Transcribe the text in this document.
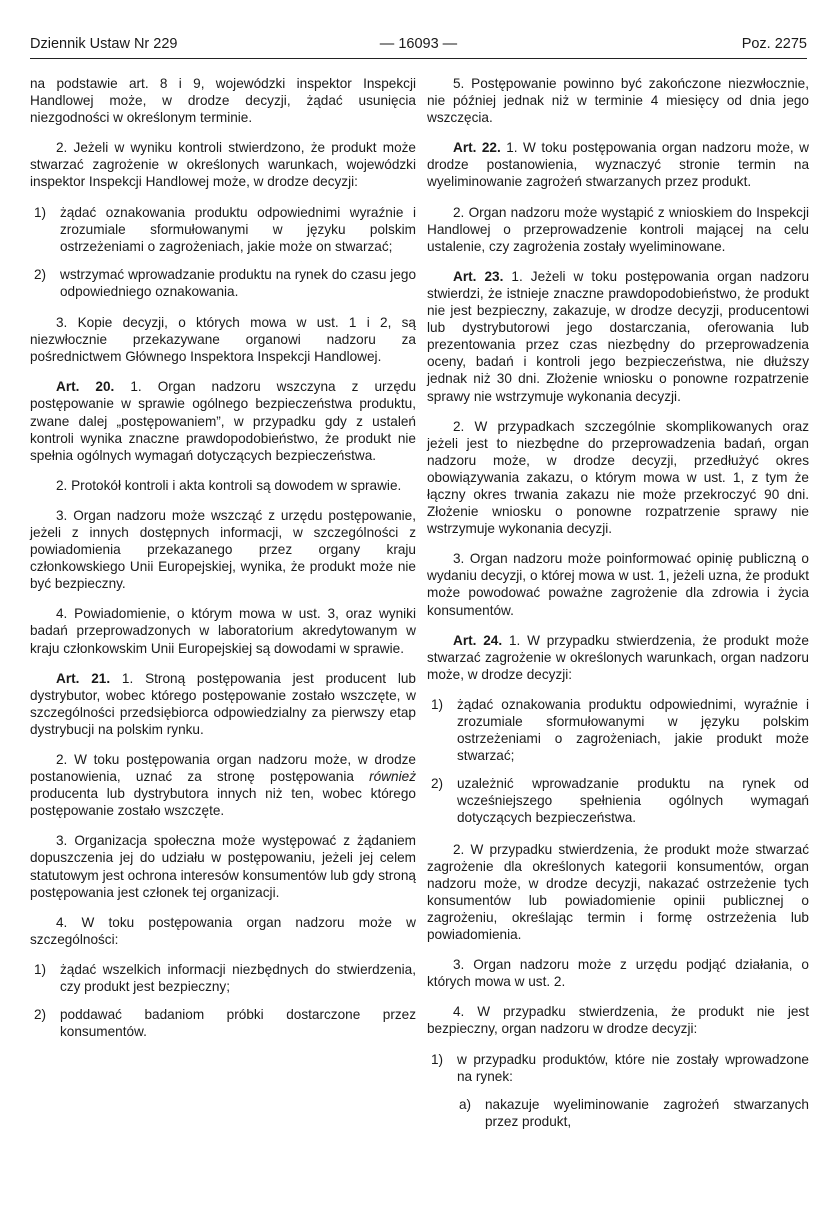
Dziennik Ustaw Nr 229	— 16093 —	Poz. 2275

na podstawie art. 8 i 9, wojewódzki inspektor Inspekcji Handlowej może, w drodze decyzji, żądać usunięcia niezgodności w określonym terminie.

2. Jeżeli w wyniku kontroli stwierdzono, że produkt może stwarzać zagrożenie w określonych warunkach, wojewódzki inspektor Inspekcji Handlowej może, w drodze decyzji:

1) żądać oznakowania produktu odpowiednimi wyraźnie i zrozumiale sformułowanymi w języku polskim ostrzeżeniami o zagrożeniach, jakie może on stwarzać;
2) wstrzymać wprowadzanie produktu na rynek do czasu jego odpowiedniego oznakowania.

3. Kopie decyzji, o których mowa w ust. 1 i 2, są niezwłocznie przekazywane organowi nadzoru za pośrednictwem Głównego Inspektora Inspekcji Handlowej.

Art. 20. 1. Organ nadzoru wszczyna z urzędu postępowanie w sprawie ogólnego bezpieczeństwa produktu, zwane dalej „postępowaniem”, w przypadku gdy z ustaleń kontroli wynika znaczne prawdopodobieństwo, że produkt nie spełnia ogólnych wymagań dotyczących bezpieczeństwa.

2. Protokół kontroli i akta kontroli są dowodem w sprawie.

3. Organ nadzoru może wszcząć z urzędu postępowanie, jeżeli z innych dostępnych informacji, w szczególności z powiadomienia przekazanego przez organy kraju członkowskiego Unii Europejskiej, wynika, że produkt może nie być bezpieczny.

4. Powiadomienie, o którym mowa w ust. 3, oraz wyniki badań przeprowadzonych w laboratorium akredytowanym w kraju członkowskim Unii Europejskiej są dowodami w sprawie.

Art. 21. 1. Stroną postępowania jest producent lub dystrybutor, wobec którego postępowanie zostało wszczęte, w szczególności przedsiębiorca odpowiedzialny za pierwszy etap dystrybucji na polskim rynku.

2. W toku postępowania organ nadzoru może, w drodze postanowienia, uznać za stronę postępowania również producenta lub dystrybutora innych niż ten, wobec którego postępowanie zostało wszczęte.

3. Organizacja społeczna może występować z żądaniem dopuszczenia jej do udziału w postępowaniu, jeżeli jej celem statutowym jest ochrona interesów konsumentów lub gdy stroną postępowania jest członek tej organizacji.

4. W toku postępowania organ nadzoru może w szczególności:

1) żądać wszelkich informacji niezbędnych do stwierdzenia, czy produkt jest bezpieczny;
2) poddawać badaniom próbki dostarczone przez konsumentów.

5. Postępowanie powinno być zakończone niezwłocznie, nie później jednak niż w terminie 4 miesięcy od dnia jego wszczęcia.

Art. 22. 1. W toku postępowania organ nadzoru może, w drodze postanowienia, wyznaczyć stronie termin na wyeliminowanie zagrożeń stwarzanych przez produkt.

2. Organ nadzoru może wystąpić z wnioskiem do Inspekcji Handlowej o przeprowadzenie kontroli mającej na celu ustalenie, czy zagrożenia zostały wyeliminowane.

Art. 23. 1. Jeżeli w toku postępowania organ nadzoru stwierdzi, że istnieje znaczne prawdopodobieństwo, że produkt nie jest bezpieczny, zakazuje, w drodze decyzji, producentowi lub dystrybutorowi jego dostarczania, oferowania lub prezentowania przez czas niezbędny do przeprowadzenia oceny, badań i kontroli jego bezpieczeństwa, nie dłuższy jednak niż 30 dni. Złożenie wniosku o ponowne rozpatrzenie sprawy nie wstrzymuje wykonania decyzji.

2. W przypadkach szczególnie skomplikowanych oraz jeżeli jest to niezbędne do przeprowadzenia badań, organ nadzoru może, w drodze decyzji, przedłużyć okres obowiązywania zakazu, o którym mowa w ust. 1, z tym że łączny okres trwania zakazu nie może przekroczyć 90 dni. Złożenie wniosku o ponowne rozpatrzenie sprawy nie wstrzymuje wykonania decyzji.

3. Organ nadzoru może poinformować opinię publiczną o wydaniu decyzji, o której mowa w ust. 1, jeżeli uzna, że produkt może powodować poważne zagrożenie dla zdrowia i życia konsumentów.

Art. 24. 1. W przypadku stwierdzenia, że produkt może stwarzać zagrożenie w określonych warunkach, organ nadzoru może, w drodze decyzji:

1) żądać oznakowania produktu odpowiednimi, wyraźnie i zrozumiale sformułowanymi w języku polskim ostrzeżeniami o zagrożeniach, jakie produkt może stwarzać;
2) uzależnić wprowadzanie produktu na rynek od wcześniejszego spełnienia ogólnych wymagań dotyczących bezpieczeństwa.

2. W przypadku stwierdzenia, że produkt może stwarzać zagrożenie dla określonych kategorii konsumentów, organ nadzoru może, w drodze decyzji, nakazać ostrzeżenie tych konsumentów lub powiadomienie opinii publicznej o zagrożeniu, określając termin i formę ostrzeżenia lub powiadomienia.

3. Organ nadzoru może z urzędu podjąć działania, o których mowa w ust. 2.

4. W przypadku stwierdzenia, że produkt nie jest bezpieczny, organ nadzoru w drodze decyzji:

1) w przypadku produktów, które nie zostały wprowadzone na rynek:
a) nakazuje wyeliminowanie zagrożeń stwarzanych przez produkt,
